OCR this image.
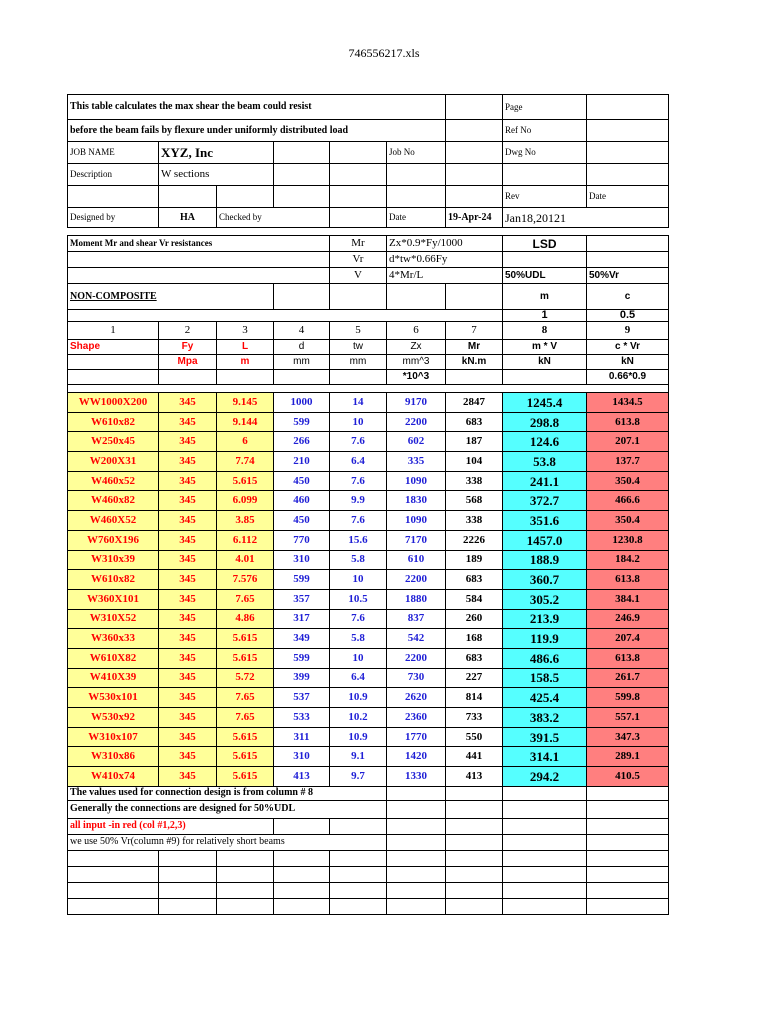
746556217.xls
This table calculates the max shear the beam could resist							Page	
before the beam fails by flexure under uniformly distributed load							Ref No	
JOB NAME	XYZ, Inc				Job No		Dwg No	
Description	W sections							
							Rev	Date
Designed by	HA	Checked by			Date	19-Apr-24	Jan18,20121	

Moment Mr and shear Vr resistances				Mr	Zx*0.9*Fy/1000		LSD	
				Vr	d*tw*0.66Fy			
				V	4*Mr/L		50%UDL	50%Vr
NON-COMPOSITE							m	c
							1	0.5
1	2	3	4	5	6	7	8	9
Shape	Fy	L	d	tw	Zx	Mr	m * V	c * Vr
	Mpa	m	mm	mm	mm^3	kN.m	kN	kN
					*10^3			0.66*0.9

WW1000X200	345	9.145	1000	14	9170	2847	1245.4	1434.5
W610x82	345	9.144	599	10	2200	683	298.8	613.8
W250x45	345	6	266	7.6	602	187	124.6	207.1
W200X31	345	7.74	210	6.4	335	104	53.8	137.7
W460x52	345	5.615	450	7.6	1090	338	241.1	350.4
W460x82	345	6.099	460	9.9	1830	568	372.7	466.6
W460X52	345	3.85	450	7.6	1090	338	351.6	350.4
W760X196	345	6.112	770	15.6	7170	2226	1457.0	1230.8
W310x39	345	4.01	310	5.8	610	189	188.9	184.2
W610x82	345	7.576	599	10	2200	683	360.7	613.8
W360X101	345	7.65	357	10.5	1880	584	305.2	384.1
W310X52	345	4.86	317	7.6	837	260	213.9	246.9
W360x33	345	5.615	349	5.8	542	168	119.9	207.4
W610X82	345	5.615	599	10	2200	683	486.6	613.8
W410X39	345	5.72	399	6.4	730	227	158.5	261.7
W530x101	345	7.65	537	10.9	2620	814	425.4	599.8
W530x92	345	7.65	533	10.2	2360	733	383.2	557.1
W310x107	345	5.615	311	10.9	1770	550	391.5	347.3
W310x86	345	5.615	310	9.1	1420	441	314.1	289.1
W410x74	345	5.615	413	9.7	1330	413	294.2	410.5
The values used for connection design is from column # 8								
Generally the connections are designed for 50%UDL								
all input -in red (col #1,2,3)								
we use 50% Vr(column #9) for relatively short beams								
